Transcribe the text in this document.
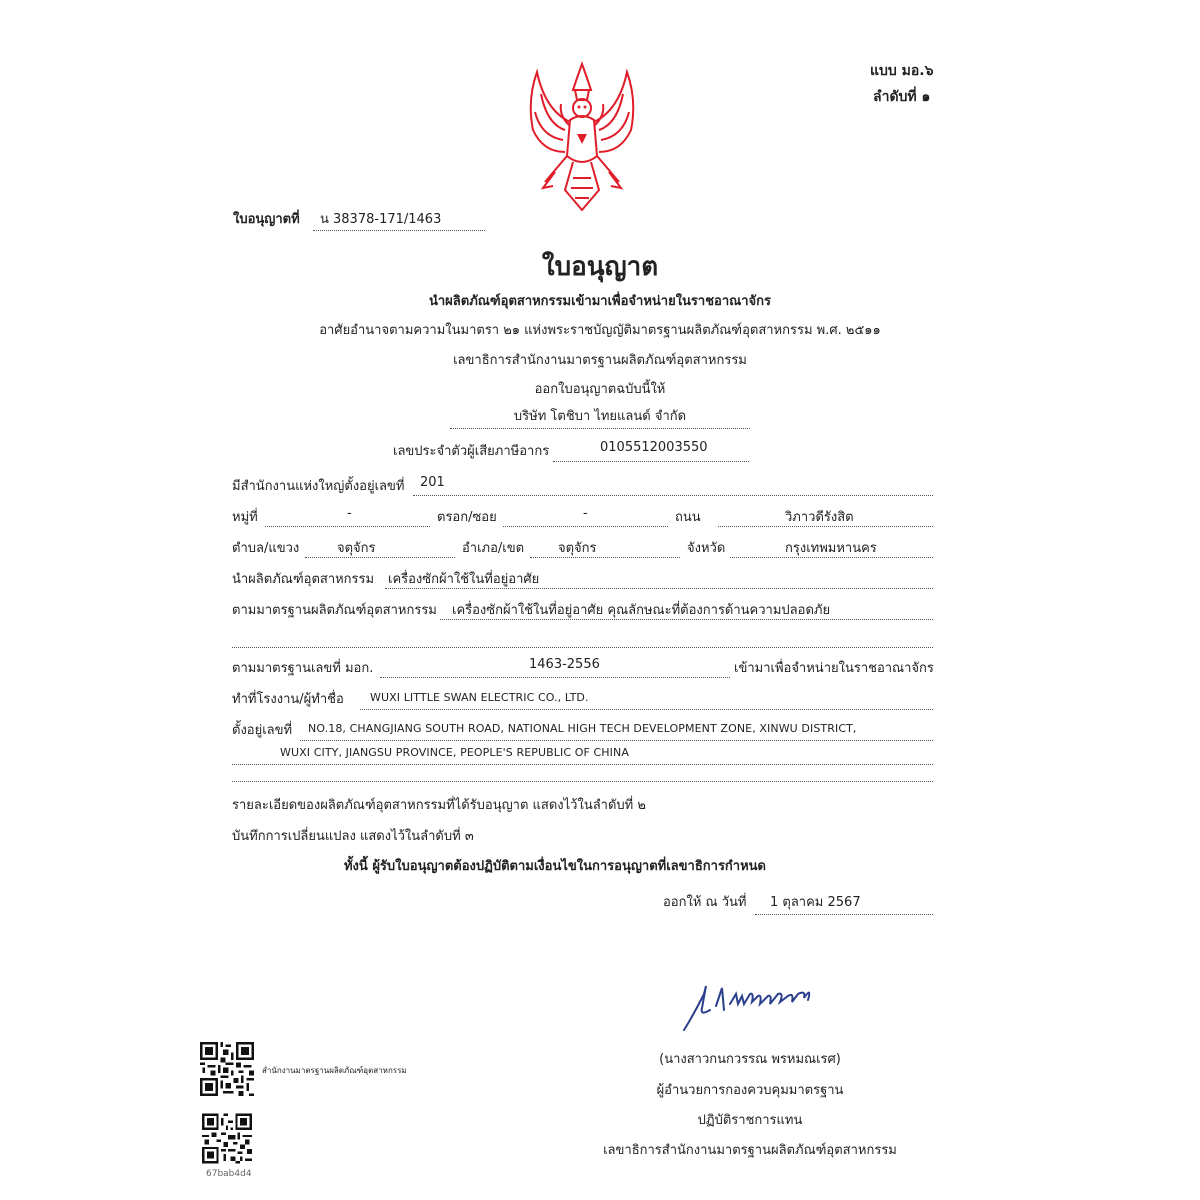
แบบ มอ.๖
ลำดับที่ ๑
ใบอนุญาตที่ น 38378-171/1463
ใบอนุญาต
นำผลิตภัณฑ์อุตสาหกรรมเข้ามาเพื่อจำหน่ายในราชอาณาจักร
อาศัยอำนาจตามความในมาตรา ๒๑ แห่งพระราชบัญญัติมาตรฐานผลิตภัณฑ์อุตสาหกรรม พ.ศ. ๒๕๑๑
เลขาธิการสำนักงานมาตรฐานผลิตภัณฑ์อุตสาหกรรม
ออกใบอนุญาตฉบับนี้ให้
บริษัท โตชิบา ไทยแลนด์ จำกัด
เลขประจำตัวผู้เสียภาษีอากร	0105512003550
มีสำนักงานแห่งใหญ่ตั้งอยู่เลขที่ 201
หมู่ที่	-	ตรอก/ซอย	-	ถนน	วิภาวดีรังสิต
ตำบล/แขวง	จตุจักร	อำเภอ/เขต	จตุจักร	จังหวัด	กรุงเทพมหานคร
นำผลิตภัณฑ์อุตสาหกรรม เครื่องซักผ้าใช้ในที่อยู่อาศัย
ตามมาตรฐานผลิตภัณฑ์อุตสาหกรรม เครื่องซักผ้าใช้ในที่อยู่อาศัย คุณลักษณะที่ต้องการด้านความปลอดภัย
ตามมาตรฐานเลขที่ มอก.	1463-2556	เข้ามาเพื่อจำหน่ายในราชอาณาจักร
ทำที่โรงงาน/ผู้ทำชื่อ WUXI LITTLE SWAN ELECTRIC CO., LTD.
ตั้งอยู่เลขที่ NO.18, CHANGJIANG SOUTH ROAD, NATIONAL HIGH TECH DEVELOPMENT ZONE, XINWU DISTRICT,
WUXI CITY, JIANGSU PROVINCE, PEOPLE'S REPUBLIC OF CHINA
รายละเอียดของผลิตภัณฑ์อุตสาหกรรมที่ได้รับอนุญาต แสดงไว้ในลำดับที่ ๒
บันทึกการเปลี่ยนแปลง แสดงไว้ในลำดับที่ ๓
ทั้งนี้ ผู้รับใบอนุญาตต้องปฏิบัติตามเงื่อนไขในการอนุญาตที่เลขาธิการกำหนด
ออกให้ ณ วันที่ 1 ตุลาคม 2567
(นางสาวกนกวรรณ พรหมณเรศ)
ผู้อำนวยการกองควบคุมมาตรฐาน
ปฏิบัติราชการแทน
เลขาธิการสำนักงานมาตรฐานผลิตภัณฑ์อุตสาหกรรม
สำนักงานมาตรฐานผลิตภัณฑ์อุตสาหกรรม
67bab4d4
